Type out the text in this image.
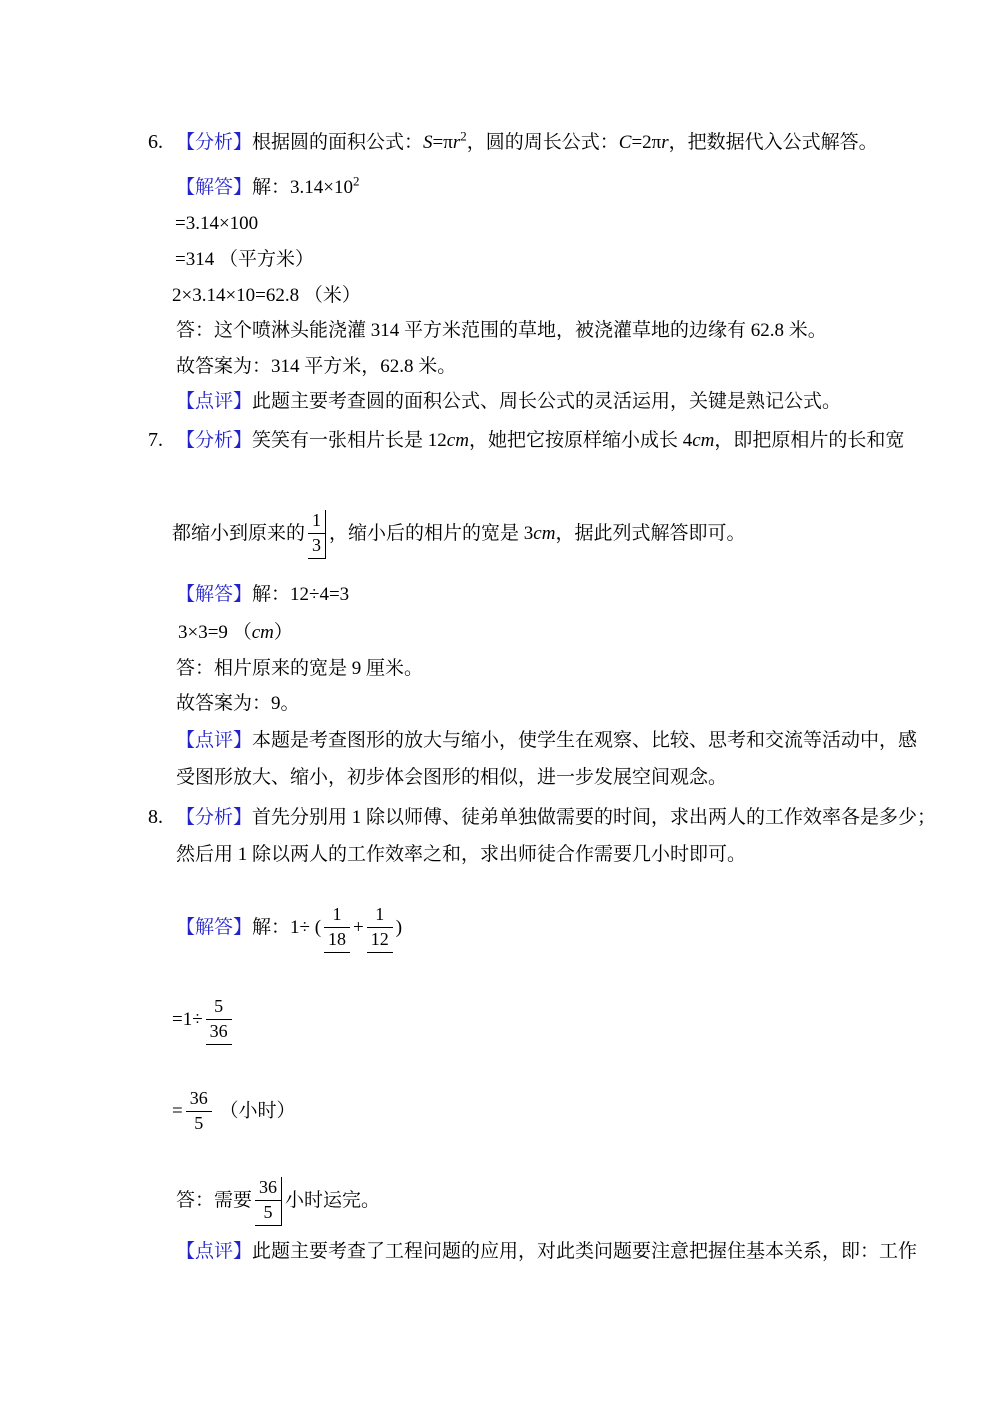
6. 【分析】根据圆的面积公式：$S=\pi r^2$，圆的周长公式：C=2πr，把数据代入公式解答。
【解答】解：$3.14\times 10^2$
=3.14×100
=314 （平方米）
2×3.14×10=62.8 （米）
答：这个喷淋头能浇灌 314 平方米范围的草地，被浇灌草地的边缘有 62.8 米。
故答案为：314 平方米，62.8 米。
【点评】此题主要考查圆的面积公式、周长公式的灵活运用，关键是熟记公式。
7. 【分析】笑笑有一张相片长是 12cm，她把它按原样缩小成长 4cm，即把原相片的长和宽
都缩小到原来的 $\frac{1}{3}$ ，缩小后的相片的宽是 3cm，据此列式解答即可。
【解答】解：12÷4=3
3×3=9 （cm）
答：相片原来的宽是 9 厘米。
故答案为：9。
【点评】本题是考查图形的放大与缩小，使学生在观察、比较、思考和交流等活动中，感
受图形放大、缩小，初步体会图形的相似，进一步发展空间观念。
8. 【分析】首先分别用 1 除以师傅、徒弟单独做需要的时间，求出两人的工作效率各是多少；
然后用 1 除以两人的工作效率之和，求出师徒合作需要几小时即可。
【解答】解：1÷ ( $\frac{1}{18} + \frac{1}{12}$ )
$=1\div \frac{5}{36}$
= $\frac{36}{5}$ （小时）
答：需要 $\frac{36}{5}$ 小时运完。
【点评】此题主要考查了工程问题的应用，对此类问题要注意把握住基本关系，即：工作
